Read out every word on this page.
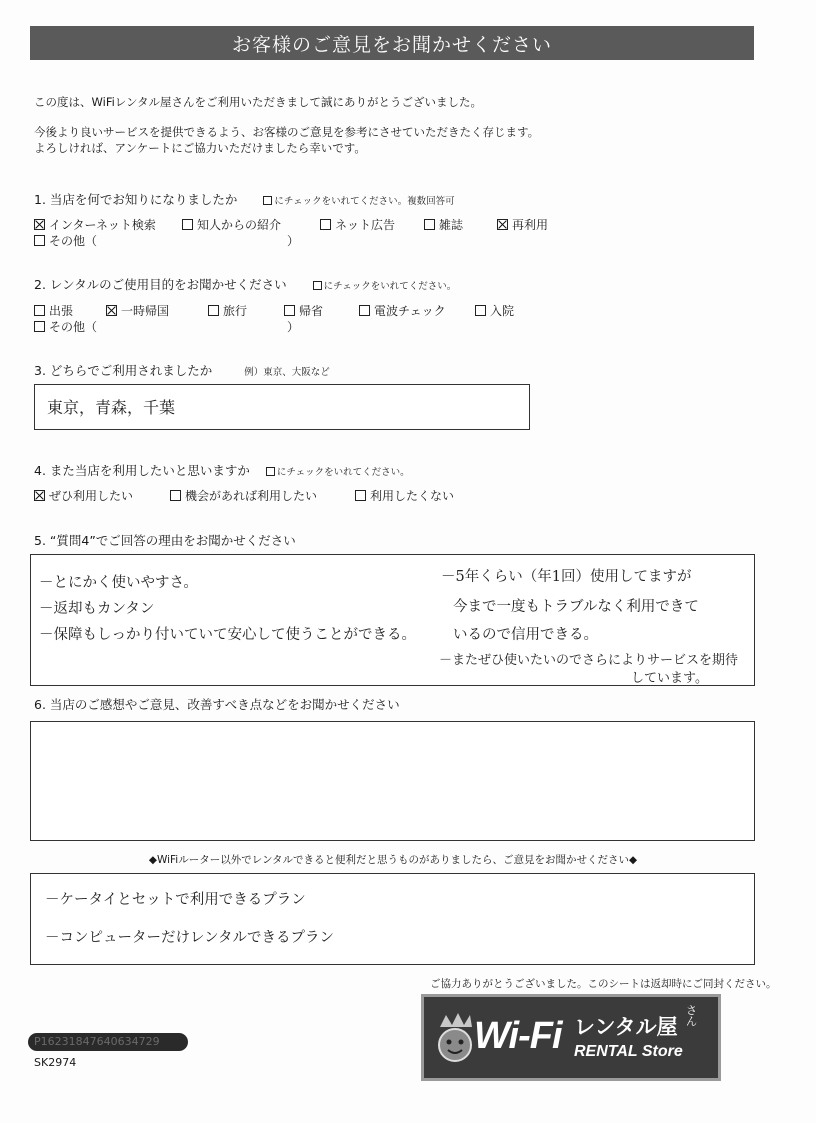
お客様のご意見をお聞かせください
この度は、WiFiレンタル屋さんをご利用いただきまして誠にありがとうございました。
今後より良いサービスを提供できるよう、お客様のご意見を参考にさせていただきたく存じます。
よろしければ、アンケートにご協力いただけましたら幸いです。
1. 当店を何でお知りになりましたか	にチェックをいれてください。複数回答可
インターネット検索	知人からの紹介	ネット広告	雑誌	再利用
その他（	）
2. レンタルのご使用目的をお聞かせください	にチェックをいれてください。
出張	一時帰国	旅行	帰省	電波チェック	入院
その他（	）
3. どちらでご利用されましたか	例）東京、大阪など
東京，青森，千葉
4. また当店を利用したいと思いますか	にチェックをいれてください。
ぜひ利用したい	機会があれば利用したい	利用したくない
5. “質問4”でご回答の理由をお聞かせください
－とにかく使いやすさ。
－返却もカンタン
－保障もしっかり付いていて安心して使うことができる。
－5年くらい（年1回）使用してますが
今まで一度もトラブルなく利用できて
いるので信用できる。
－またぜひ使いたいのでさらによりサービスを期待
しています。
6. 当店のご感想やご意見、改善すべき点などをお聞かせください
◆WiFiルーター以外でレンタルできると便利だと思うものがありましたら、ご意見をお聞かせください◆
－ケータイとセットで利用できるプラン
－コンピューターだけレンタルできるプラン
ご協力ありがとうございました。このシートは返却時にご同封ください。
Wi-Fi レンタル屋
さん
RENTAL Store
P16231847640634729
SK2974
